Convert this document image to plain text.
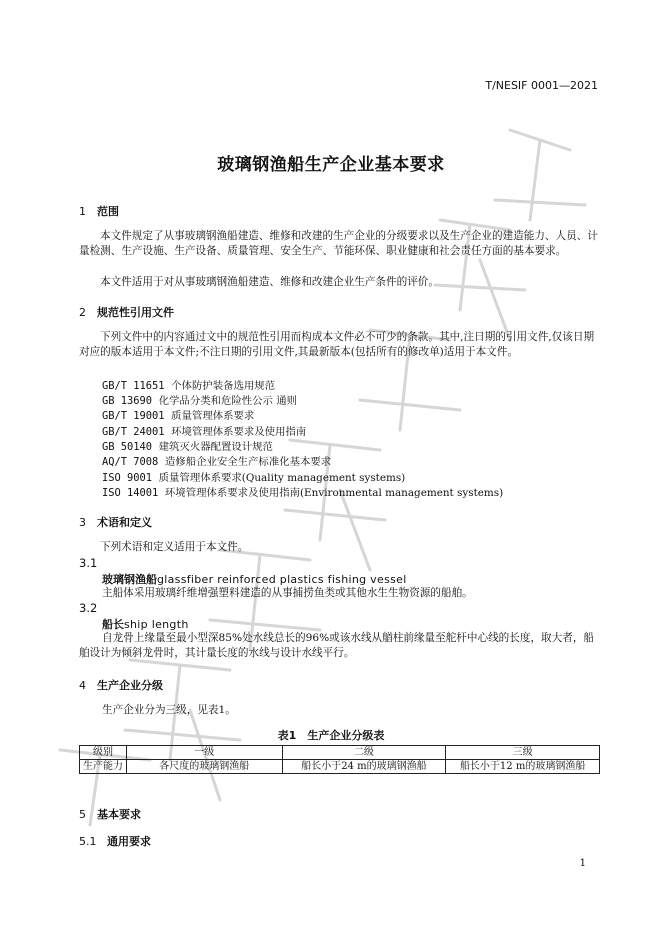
T/NESIF 0001—2021
玻璃钢渔船生产企业基本要求
1 范围
本文件规定了从事玻璃钢渔船建造、维修和改建的生产企业的分级要求以及生产企业的建造能力、人员、计量检测、生产设施、生产设备、质量管理、安全生产、节能环保、职业健康和社会责任方面的基本要求。
本文件适用于对从事玻璃钢渔船建造、维修和改建企业生产条件的评价。
2 规范性引用文件
下列文件中的内容通过文中的规范性引用而构成本文件必不可少的条款。其中,注日期的引用文件,仅该日期对应的版本适用于本文件;不注日期的引用文件,其最新版本(包括所有的修改单)适用于本文件。
GB/T 11651 个体防护装备选用规范
GB 13690 化学品分类和危险性公示 通则
GB/T 19001 质量管理体系要求
GB/T 24001 环境管理体系要求及使用指南
GB 50140 建筑灭火器配置设计规范
AQ/T 7008 造修船企业安全生产标准化基本要求
ISO 9001 质量管理体系要求(Quality management systems)
ISO 14001 环境管理体系要求及使用指南(Environmental management systems)
3 术语和定义
下列术语和定义适用于本文件。
3.1
玻璃钢渔船glassfiber reinforced plastics fishing vessel
主船体采用玻璃纤维增强塑料建造的从事捕捞鱼类或其他水生生物资源的船舶。
3.2
船长ship length
自龙骨上缘量至最小型深85%处水线总长的96%或该水线从艏柱前缘量至舵杆中心线的长度，取大者，船舶设计为倾斜龙骨时，其计量长度的水线与设计水线平行。
4 生产企业分级
生产企业分为三级，见表1。
表1　生产企业分级表
级别	一级	二级	三级
生产能力	各尺度的玻璃钢渔船	船长小于24 m的玻璃钢渔船	船长小于12 m的玻璃钢渔船
5 基本要求
5.1 通用要求
1
